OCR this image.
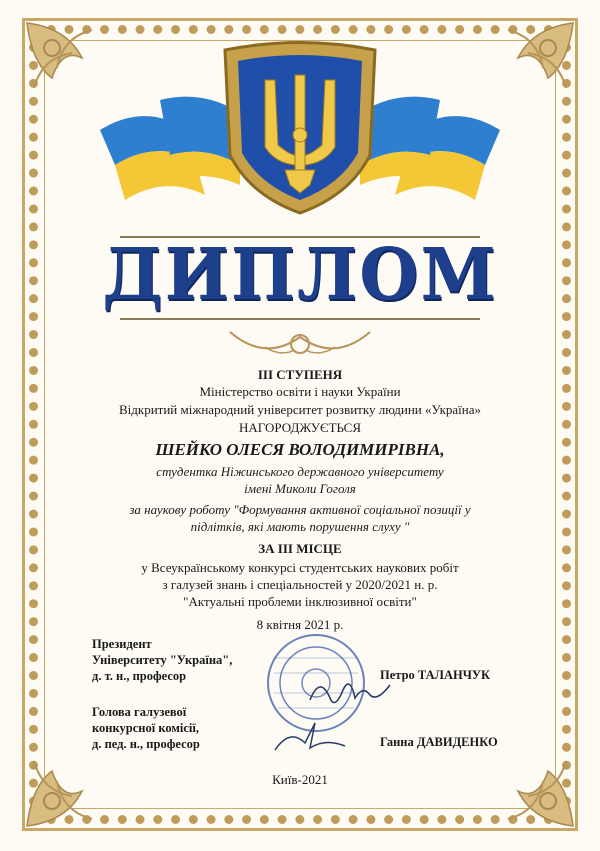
ДИПЛОМ
III СТУПЕНЯ
Міністерство освіти і науки України
Відкритий міжнародний університет розвитку людини «Україна»
НАГОРОДЖУЄТЬСЯ
ШЕЙКО ОЛЕСЯ ВОЛОДИМИРІВНА,
студентка Ніжинського державного університету
імені Миколи Гоголя
за наукову роботу "Формування активної соціальної позиції у
підлітків, які мають порушення слуху "
ЗА III МІСЦЕ
у Всеукраїнському конкурсі студентських наукових робіт
з галузей знань і спеціальностей у 2020/2021 н. р.
"Актуальні проблеми інклюзивної освіти"
8 квітня 2021 р.
Президент
Університету "Україна",
д. т. н., професор	Петро ТАЛАНЧУК
Голова галузевої
конкурсної комісії,
д. пед. н., професор	Ганна ДАВИДЕНКО
Київ-2021
